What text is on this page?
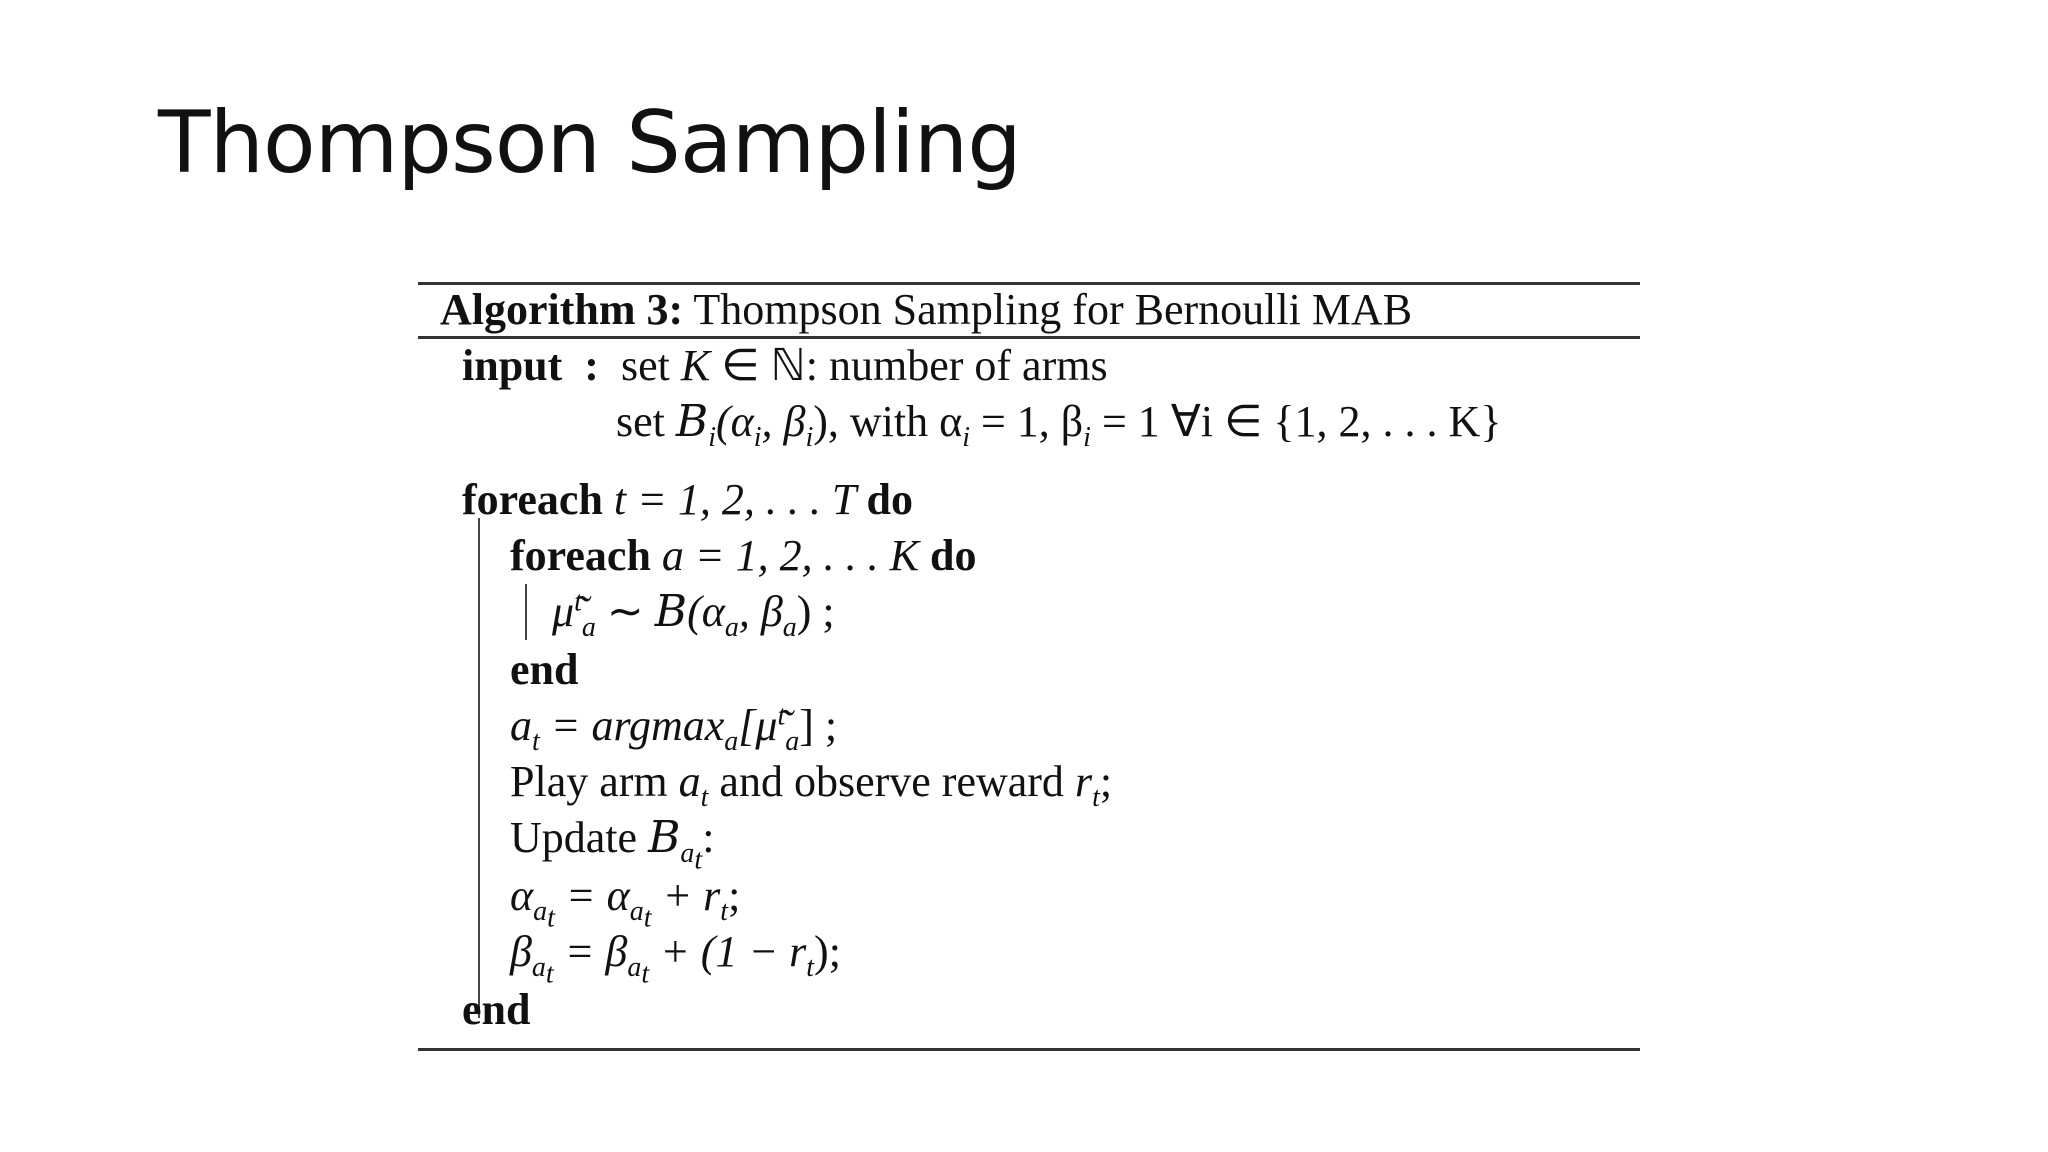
Thompson Sampling
Algorithm 3: Thompson Sampling for Bernoulli MAB
input : set K ∈ ℕ: number of arms
set $B_i(\alpha_i$, $\beta_i$), with $\alpha_i = 1$, $\beta_i = 1$ ∀i ∈ {1, 2, . . . K}
foreach t = 1, 2, . . . T do
foreach a = 1, 2, . . . K do
μ̃$^t_a$ ∼ $B(\alpha_a$, $\beta_a$) ;
end
$a_t$ = argmax$_a$[μ̃$^t_a$] ;
Play arm $a_t$ and observe reward $r_t$;
Update $B_{a_t}$:
$\alpha_{a_t} = \alpha_{a_t} + r_t$;
$\beta_{a_t} = \beta_{a_t} + (1 - r_t)$;
end
